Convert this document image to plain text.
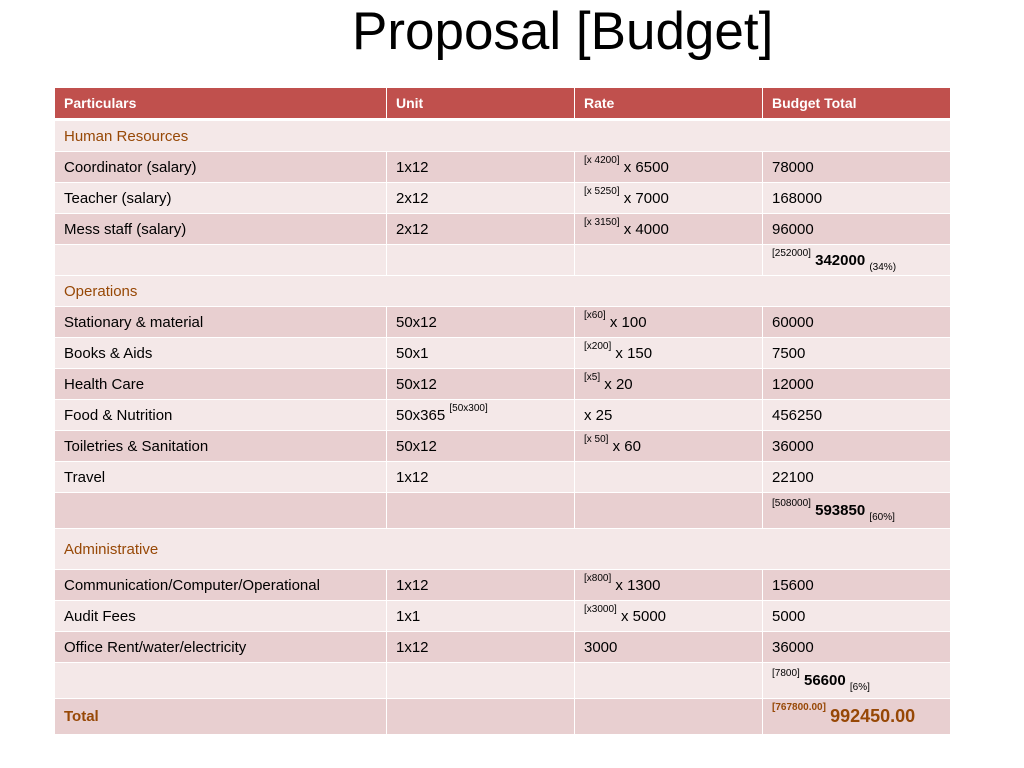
Proposal [Budget]
Particulars	Unit	Rate	Budget Total
Human Resources			
Coordinator (salary)	1x12	[x 4200] x 6500	78000
Teacher (salary)	2x12	[x 5250] x 7000	168000
Mess staff (salary)	2x12	[x 3150] x 4000	96000
			[252000] 342000 $_{(34\%)}$
Operations			
Stationary & material	50x12	[x60] x 100	60000
Books & Aids	50x1	[x200] x 150	7500
Health Care	50x12	[x5] x 20	12000
Food & Nutrition	50x365 [50x300]	x 25	456250
Toiletries & Sanitation	50x12	[x 50] x 60	36000
Travel	1x12		22100
			[508000] 593850 $_{[60\%]}$
Administrative			
Communication/Computer/Operational	1x12	[x800] x 1300	15600
Audit Fees	1x1	[x3000] x 5000	5000
Office Rent/water/electricity	1x12	3000	36000
			[7800] 56600 $_{[6\%]}$
Total			[767800.00] 992450.00
